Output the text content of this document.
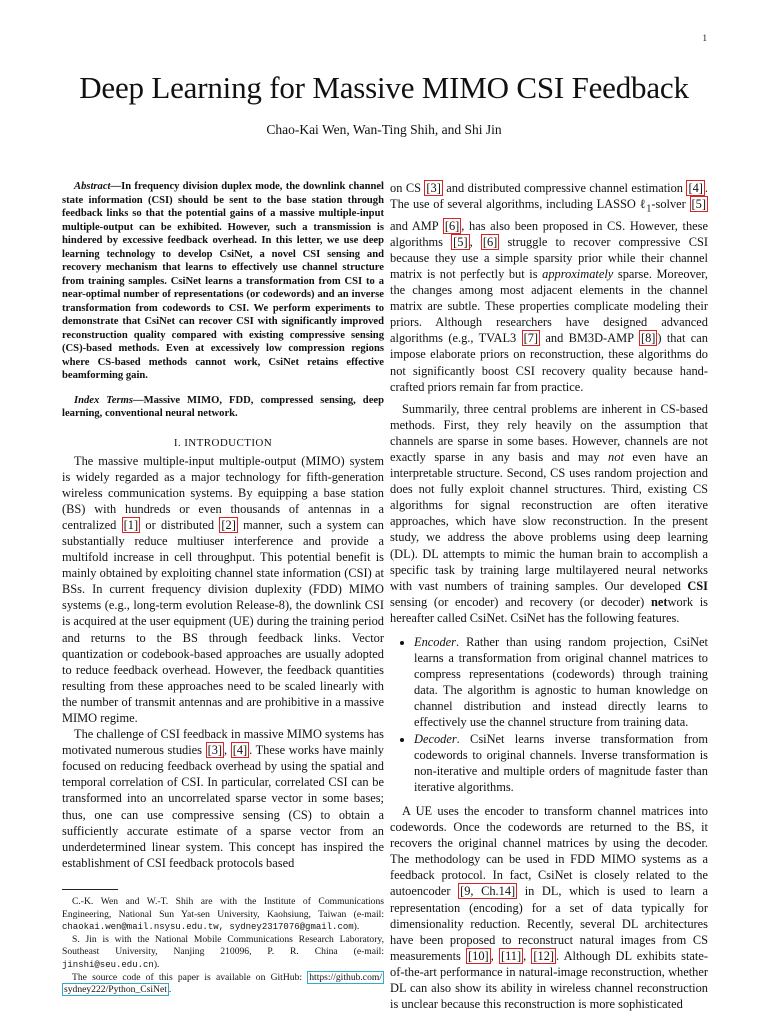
1
Deep Learning for Massive MIMO CSI Feedback
Chao-Kai Wen, Wan-Ting Shih, and Shi Jin

Abstract—In frequency division duplex mode, the downlink channel state information (CSI) should be sent to the base station through feedback links so that the potential gains of a massive multiple-input multiple-output can be exhibited. However, such a transmission is hindered by excessive feedback overhead. In this letter, we use deep learning technology to develop CsiNet, a novel CSI sensing and recovery mechanism that learns to effectively use channel structure from training samples. CsiNet learns a transformation from CSI to a near-optimal number of representations (or codewords) and an inverse transformation from codewords to CSI. We perform experiments to demonstrate that CsiNet can recover CSI with significantly improved reconstruction quality compared with existing compressive sensing (CS)-based methods. Even at excessively low compression regions where CS-based methods cannot work, CsiNet retains effective beamforming gain.

Index Terms—Massive MIMO, FDD, compressed sensing, deep learning, conventional neural network.

I. INTRODUCTION

The massive multiple-input multiple-output (MIMO) system is widely regarded as a major technology for fifth-generation wireless communication systems. By equipping a base station (BS) with hundreds or even thousands of antennas in a centralized [1] or distributed [2] manner, such a system can substantially reduce multiuser interference and provide a multifold increase in cell throughput. This potential benefit is mainly obtained by exploiting channel state information (CSI) at BSs. In current frequency division duplexity (FDD) MIMO systems (e.g., long-term evolution Release-8), the downlink CSI is acquired at the user equipment (UE) during the training period and returns to the BS through feedback links. Vector quantization or codebook-based approaches are usually adopted to reduce feedback overhead. However, the feedback quantities resulting from these approaches need to be scaled linearly with the number of transmit antennas and are prohibitive in a massive MIMO regime.

The challenge of CSI feedback in massive MIMO systems has motivated numerous studies [3] , [4] . These works have mainly focused on reducing feedback overhead by using the spatial and temporal correlation of CSI. In particular, correlated CSI can be transformed into an uncorrelated sparse vector in some bases; thus, one can use compressive sensing (CS) to obtain a sufficiently accurate estimate of a sparse vector from an underdetermined linear system. This concept has inspired the establishment of CSI feedback protocols based

C.-K. Wen and W.-T. Shih are with the Institute of Communications Engineering, National Sun Yat-sen University, Kaohsiung, Taiwan (e-mail: chaokai.wen@mail.nsysu.edu.tw, sydney2317076@gmail.com).

S. Jin is with the National Mobile Communications Research Laboratory, Southeast University, Nanjing 210096, P. R. China (e-mail: jinshi@seu.edu.cn).

The source code of this paper is available on GitHub: https://github.com/ sydney222/Python_CsiNet .

on CS [3] and distributed compressive channel estimation [4] . The use of several algorithms, including LASSO ℓ$_1$-solver [5] and AMP [6] , has also been proposed in CS. However, these algorithms [5] , [6] struggle to recover compressive CSI because they use a simple sparsity prior while their channel matrix is not perfectly but is approximately sparse. Moreover, the changes among most adjacent elements in the channel matrix are subtle. These properties complicate modeling their priors. Although researchers have designed advanced algorithms (e.g., TVAL3 [7] and BM3D-AMP [8] ) that can impose elaborate priors on reconstruction, these algorithms do not significantly boost CSI recovery quality because hand-crafted priors remain far from practice.

Summarily, three central problems are inherent in CS-based methods. First, they rely heavily on the assumption that channels are sparse in some bases. However, channels are not exactly sparse in any basis and may not even have an interpretable structure. Second, CS uses random projection and does not fully exploit channel structures. Third, existing CS algorithms for signal reconstruction are often iterative approaches, which have slow reconstruction. In the present study, we address the above problems using deep learning (DL). DL attempts to mimic the human brain to accomplish a specific task by training large multilayered neural networks with vast numbers of training samples. Our developed CSI sensing (or encoder) and recovery (or decoder) network is hereafter called CsiNet. CsiNet has the following features.

• Encoder. Rather than using random projection, CsiNet learns a transformation from original channel matrices to compress representations (codewords) through training data. The algorithm is agnostic to human knowledge on channel distribution and instead directly learns to effectively use the channel structure from training data.
• Decoder. CsiNet learns inverse transformation from codewords to original channels. Inverse transformation is non-iterative and multiple orders of magnitude faster than iterative algorithms.

A UE uses the encoder to transform channel matrices into codewords. Once the codewords are returned to the BS, it recovers the original channel matrices by using the decoder. The methodology can be used in FDD MIMO systems as a feedback protocol. In fact, CsiNet is closely related to the autoencoder [9, Ch.14] in DL, which is used to learn a representation (encoding) for a set of data typically for dimensionality reduction. Recently, several DL architectures have been proposed to reconstruct natural images from CS measurements [10] , [11] , [12] . Although DL exhibits state-of-the-art performance in natural-image reconstruction, whether DL can also show its ability in wireless channel reconstruction is unclear because this reconstruction is more sophisticated
